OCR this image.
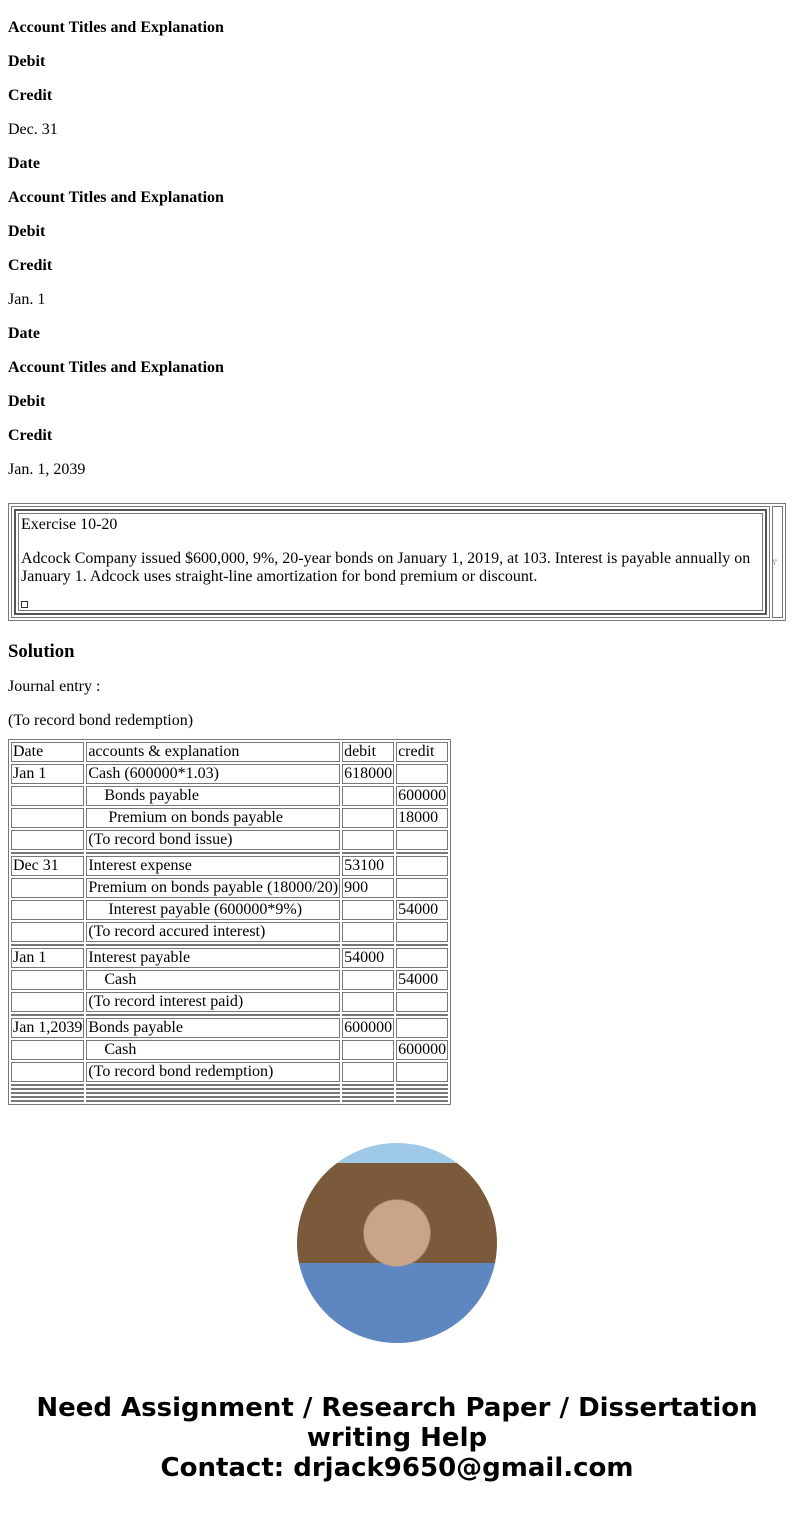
Account Titles and Explanation

Debit

Credit

Dec. 31

Date

Account Titles and Explanation

Debit

Credit

Jan. 1

Date

Account Titles and Explanation

Debit

Credit

Jan. 1, 2039

Exercise 10-20
Adcock Company issued $600,000, 9%, 20-year bonds on January 1, 2019, at 103. Interest is payable annually on January 1. Adcock uses straight-line amortization for bond premium or discount.
\'
Solution

Journal entry :

(To record bond redemption)

Date	accounts & explanation	debit	credit
Jan 1	Cash (600000*1.03)	618000	
	Bonds payable		600000
	Premium on bonds payable		18000
	(To record bond issue)		

Dec 31	Interest expense	53100	
	Premium on bonds payable (18000/20)	900	
	Interest payable (600000*9%)		54000
	(To record accured interest)		

Jan 1	Interest payable	54000	
	Cash		54000
	(To record interest paid)		

Jan 1,2039	Bonds payable	600000	
	Cash		600000
	(To record bond redemption)		

Need Assignment / Research Paper / Dissertation writing Help
Contact: drjack9650@gmail.com
